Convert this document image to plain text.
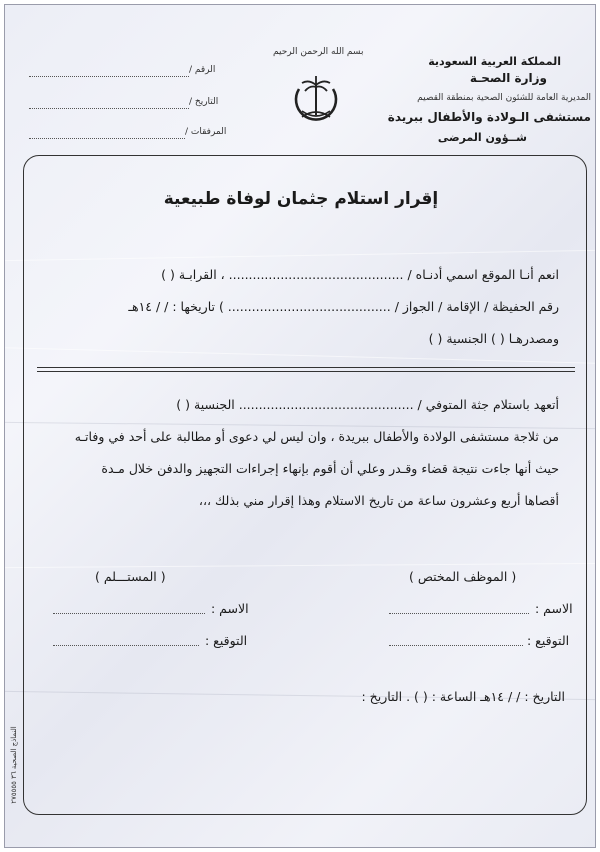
بسم الله الرحمن الرحيم
المملكة العربية السعودية
وزارة الصحـة
المديرية العامة للشئون الصحية بمنطقة القصيم
مستشفى الـولادة والأطفال ببريدة
شــؤون المرضى
الرقم /
التاريخ /
المرفقات /
إقرار استلام جثمان لوفاة طبيعية
انعم أنـا الموقع اسمي أدنـاه / ............................................ ، القرابـة ( )
رقم الحفيظة / الإقامة / الجواز / ......................................... ) تاريخها : / / ١٤هـ
ومصدرهـا ( ) الجنسية ( )
أتعهد باستلام جثة المتوفي / ............................................ الجنسية ( )
من ثلاجة مستشفى الولادة والأطفال ببريدة ، وان ليس لي دعوى أو مطالبة على أحد في وفاتـه
حيث أنها جاءت نتيجة قضاء وقـدر وعلي أن أقوم بإنهاء إجراءات التجهيز والدفن خلال مـدة
أقصاها أربع وعشرون ساعة من تاريخ الاستلام وهذا إقرار مني بذلك ،،،
( الموظف المختص )
( المستـــلم )
الاسم :
الاسم :
التوقيع :
التوقيع :
التاريخ : / / ١٤هـ الساعة : ( ) . التاريخ :
النماذج الصحية ٣٦ ٢٧٥٥٥٥
